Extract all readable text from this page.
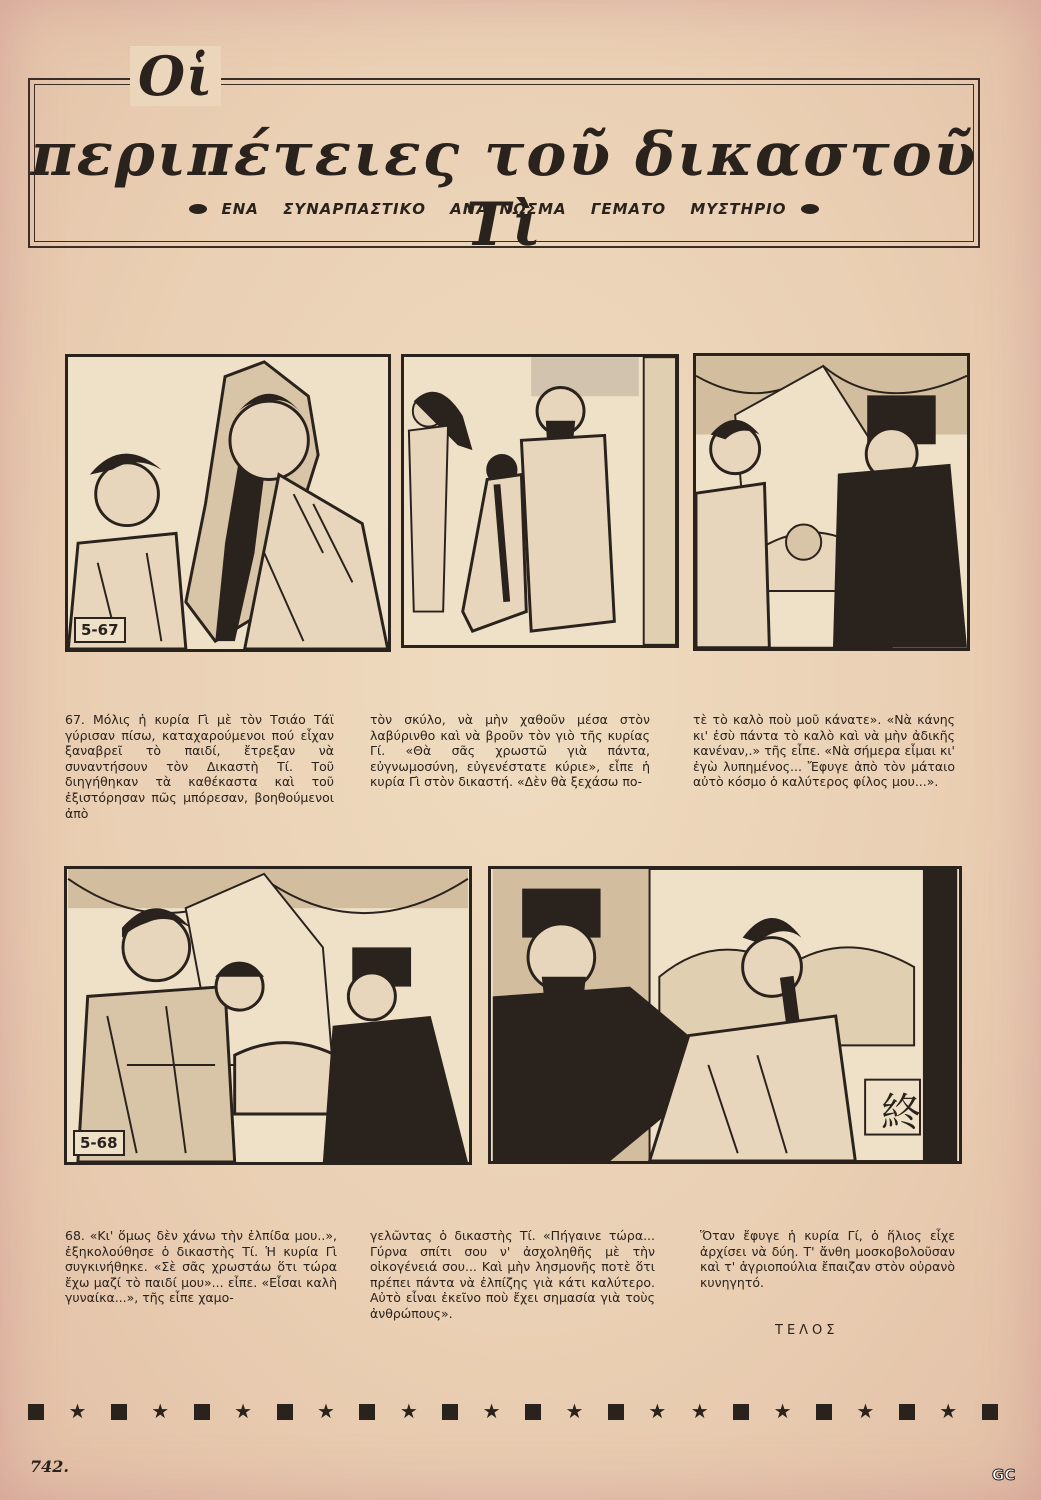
Οἱ
περιπέτειες τοῦ δικαστοῦ Τὶ
ΕΝΑ ΣΥΝΑΡΠΑΣΤΙΚΟ ΑΝΑΓΝΩΣΜΑ ΓΕΜΑΤΟ ΜΥΣΤΗΡΙΟ
5-67
67. Μόλις ἡ κυρία Γὶ μὲ τὸν Τσιάο Τάϊ γύρισαν πίσω, καταχαρούμενοι πού εἶχαν ξαναβρεῖ τὸ παιδί, ἔτρεξαν νὰ συναντήσουν τὸν Δικαστὴ Τί. Τοῦ διηγήθηκαν τὰ καθέκαστα καὶ τοῦ ἐξιστόρησαν πῶς μπόρεσαν, βοηθούμενοι ἀπὸ
τὸν σκύλο, νὰ μὴν χαθοῦν μέσα στὸν λαβύρινθο καὶ νὰ βροῦν τὸν γιὸ τῆς κυρίας Γί. «Θὰ σᾶς χρωστῶ γιὰ πάντα, εὐγνωμοσύνη, εὐγενέστατε κύριε», εἶπε ἡ κυρία Γὶ στὸν δικαστή. «Δὲν θὰ ξεχάσω πο-
τὲ τὸ καλὸ ποὺ μοῦ κάνατε». «Νὰ κάνης κι' ἐσὺ πάντα τὸ καλὸ καὶ νὰ μὴν ἀδικῆς κανέναν,.» τῆς εἶπε. «Νὰ σήμερα εἶμαι κι' ἐγὼ λυπημένος... Ἔφυγε ἀπὸ τὸν μάταιο αὐτὸ κόσμο ὁ καλύτερος φίλος μου...».
5-68
終
68. «Κι' ὅμως δὲν χάνω τὴν ἐλπίδα μου..», ἐξηκολούθησε ὁ δικαστὴς Τί. Ἡ κυρία Γὶ συγκινήθηκε. «Σὲ σᾶς χρωστάω ὅτι τώρα ἔχω μαζί τὸ παιδί μου»... εἶπε. «Εἶσαι καλὴ γυναίκα...», τῆς εἶπε χαμο-
γελῶντας ὁ δικαστὴς Τί. «Πήγαινε τώρα... Γύρνα σπίτι σου ν' ἀσχοληθῆς μὲ τὴν οἰκογένειά σου... Καὶ μὴν λησμονῆς ποτὲ ὅτι πρέπει πάντα νὰ ἐλπίζης γιὰ κάτι καλύτερο. Αὐτὸ εἶναι ἐκεῖνο ποὺ ἔχει σημασία γιὰ τοὺς ἀνθρώπους».
Ὅταν ἔφυγε ἡ κυρία Γί, ὁ ἥλιος εἶχε ἀρχίσει νὰ δύη. Τ' ἄνθη μοσκοβολοῦσαν καὶ τ' ἀγριοπούλια ἔπαιζαν στὸν οὐρανὸ κυνηγητό.
ΤΕΛΟΣ
★	★	★	★	★	★	★	★ ★	★	★	★
742.	GC
